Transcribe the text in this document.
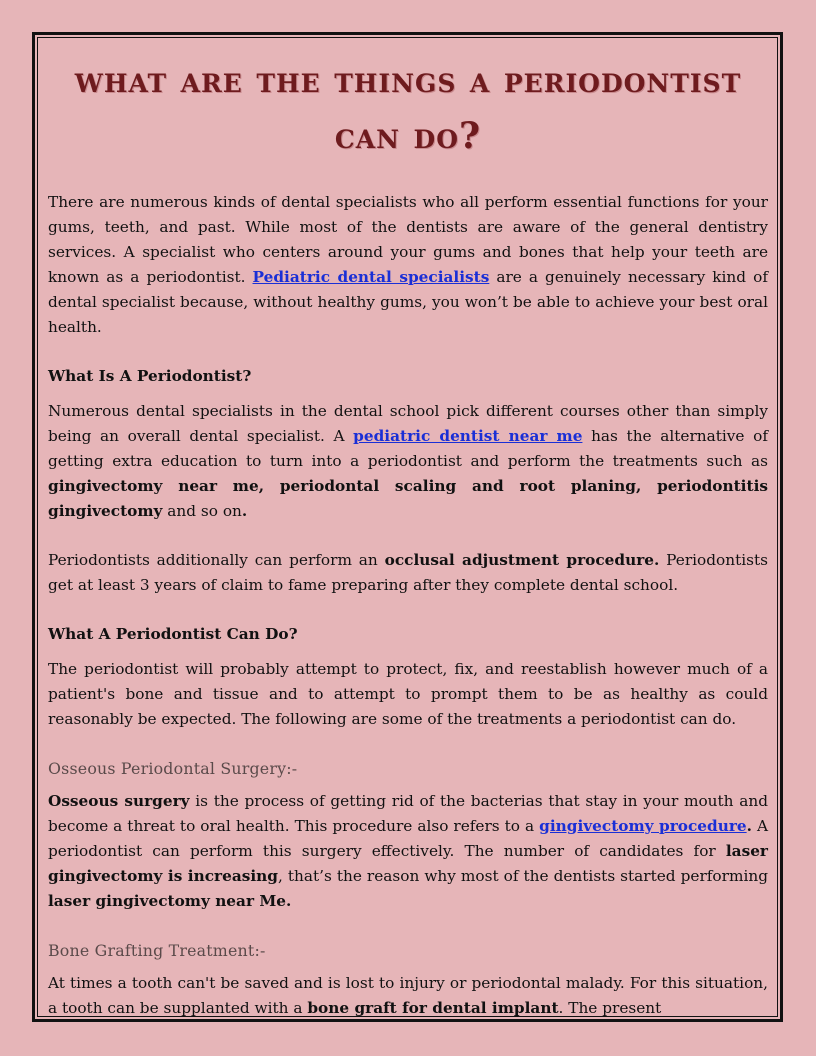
what are the things a periodontist can do?

There are numerous kinds of dental specialists who all perform essential functions for your gums, teeth, and past. While most of the dentists are aware of the general dentistry services. A specialist who centers around your gums and bones that help your teeth are known as a periodontist. Pediatric dental specialists are a genuinely necessary kind of dental specialist because, without healthy gums, you won’t be able to achieve your best oral health.

What Is A Periodontist?

Numerous dental specialists in the dental school pick different courses other than simply being an overall dental specialist. A pediatric dentist near me has the alternative of getting extra education to turn into a periodontist and perform the treatments such as gingivectomy near me, periodontal scaling and root planing, periodontitis gingivectomy and so on.

Periodontists additionally can perform an occlusal adjustment procedure. Periodontists get at least 3 years of claim to fame preparing after they complete dental school.

What A Periodontist Can Do?

The periodontist will probably attempt to protect, fix, and reestablish however much of a patient's bone and tissue and to attempt to prompt them to be as healthy as could reasonably be expected. The following are some of the treatments a periodontist can do.

Osseous Periodontal Surgery:-

Osseous surgery is the process of getting rid of the bacterias that stay in your mouth and become a threat to oral health. This procedure also refers to a gingivectomy procedure. A periodontist can perform this surgery effectively. The number of candidates for laser gingivectomy is increasing, that’s the reason why most of the dentists started performing laser gingivectomy near Me.

Bone Grafting Treatment:-

At times a tooth can't be saved and is lost to injury or periodontal malady. For this situation, a tooth can be supplanted with a bone graft for dental implant. The present
